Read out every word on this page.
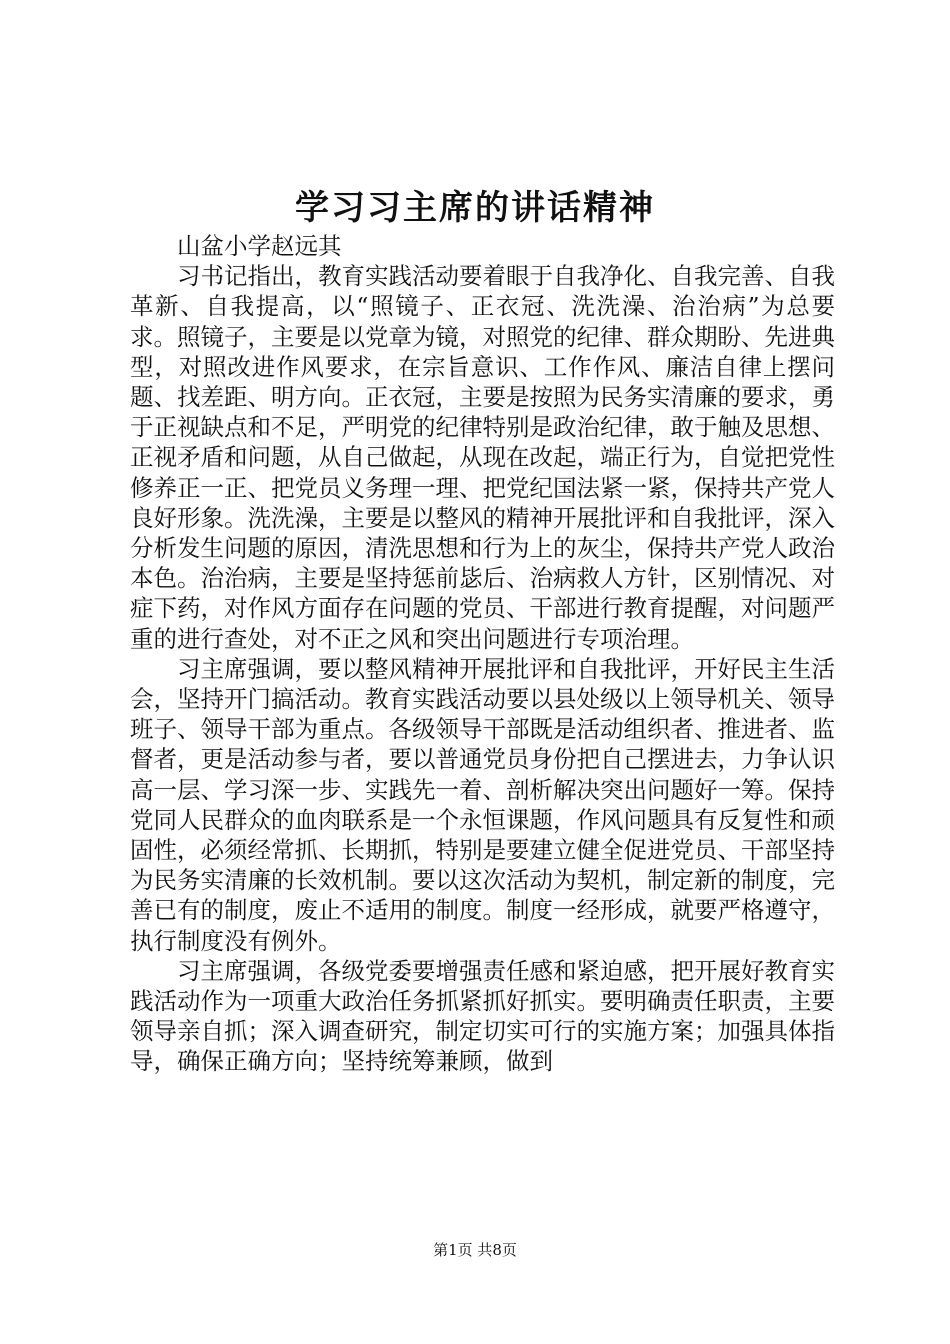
学习习主席的讲话精神
山盆小学赵远其

习书记指出，教育实践活动要着眼于自我净化、自我完善、自我革新、自我提高，以“照镜子、正衣冠、洗洗澡、治治病”为总要求。照镜子，主要是以党章为镜，对照党的纪律、群众期盼、先进典型，对照改进作风要求，在宗旨意识、工作作风、廉洁自律上摆问题、找差距、明方向。正衣冠，主要是按照为民务实清廉的要求，勇于正视缺点和不足，严明党的纪律特别是政治纪律，敢于触及思想、正视矛盾和问题，从自己做起，从现在改起，端正行为，自觉把党性修养正一正、把党员义务理一理、把党纪国法紧一紧，保持共产党人良好形象。洗洗澡，主要是以整风的精神开展批评和自我批评，深入分析发生问题的原因，清洗思想和行为上的灰尘，保持共产党人政治本色。治治病，主要是坚持惩前毖后、治病救人方针，区别情况、对症下药，对作风方面存在问题的党员、干部进行教育提醒，对问题严重的进行查处，对不正之风和突出问题进行专项治理。

习主席强调，要以整风精神开展批评和自我批评，开好民主生活会，坚持开门搞活动。教育实践活动要以县处级以上领导机关、领导班子、领导干部为重点。各级领导干部既是活动组织者、推进者、监督者，更是活动参与者，要以普通党员身份把自己摆进去，力争认识高一层、学习深一步、实践先一着、剖析解决突出问题好一筹。保持党同人民群众的血肉联系是一个永恒课题，作风问题具有反复性和顽固性，必须经常抓、长期抓，特别是要建立健全促进党员、干部坚持为民务实清廉的长效机制。要以这次活动为契机，制定新的制度，完善已有的制度，废止不适用的制度。制度一经形成，就要严格遵守，执行制度没有例外。

习主席强调，各级党委要增强责任感和紧迫感，把开展好教育实践活动作为一项重大政治任务抓紧抓好抓实。要明确责任职责，主要领导亲自抓；深入调查研究，制定切实可行的实施方案；加强具体指导，确保正确方向；坚持统筹兼顾，做到

第1页 共8页
